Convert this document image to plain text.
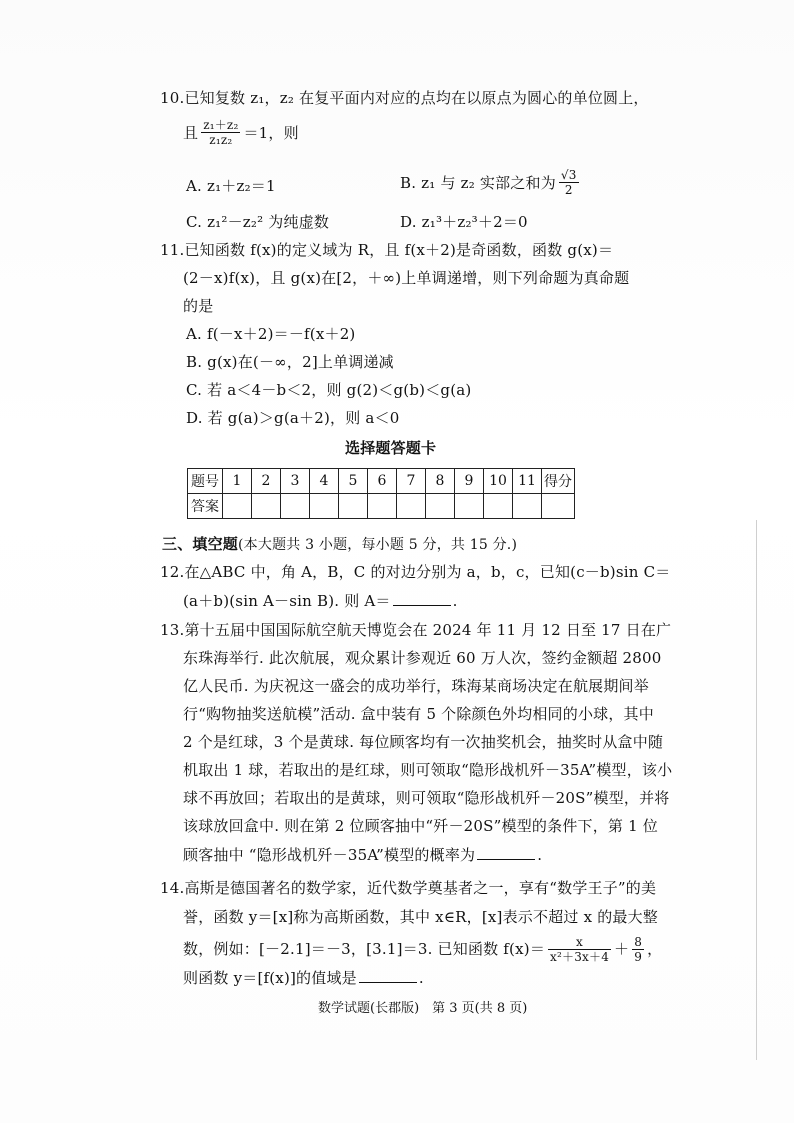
10.已知复数 z₁，z₂ 在复平面内对应的点均在以原点为圆心的单位圆上，
且 $\frac{\text{z₁＋z₂}}{\text{z₁z₂}} =1$，则
A. z₁＋z₂＝1	B. z₁ 与 z₂ 实部之和为 $\frac{√3}{2}$
C. z₁²－z₂² 为纯虚数	D. z₁³＋z₂³＋2＝0
11.已知函数 f(x)的定义域为 R，且 f(x＋2)是奇函数，函数 g(x)＝
(2－x)f(x)，且 g(x)在[2，＋∞)上单调递增，则下列命题为真命题
的是
A. f(－x＋2)＝－f(x＋2)
B. g(x)在(－∞，2]上单调递减
C. 若 a＜4－b＜2，则 g(2)＜g(b)＜g(a)
D. 若 g(a)＞g(a＋2)，则 a＜0
选择题答题卡
题号	1	2	3	4	5	6	7	8	9	10	11	得分
答案												
三、填空题(本大题共 3 小题，每小题 5 分，共 15 分.)
12.在△ABC 中，角 A，B，C 的对边分别为 a，b，c，已知(c－b)sin C＝
(a＋b)(sin A－sin B). 则 A＝	.
13.第十五届中国国际航空航天博览会在 2024 年 11 月 12 日至 17 日在广
东珠海举行. 此次航展，观众累计参观近 60 万人次，签约金额超 2800
亿人民币. 为庆祝这一盛会的成功举行，珠海某商场决定在航展期间举
行“购物抽奖送航模”活动. 盒中装有 5 个除颜色外均相同的小球，其中
2 个是红球，3 个是黄球. 每位顾客均有一次抽奖机会，抽奖时从盒中随
机取出 1 球，若取出的是红球，则可领取“隐形战机歼－35A”模型，该小
球不再放回；若取出的是黄球，则可领取“隐形战机歼－20S”模型，并将
该球放回盒中. 则在第 2 位顾客抽中“歼－20S”模型的条件下，第 1 位
顾客抽中 “隐形战机歼－35A”模型的概率为	.
14.高斯是德国著名的数学家，近代数学奠基者之一，享有“数学王子”的美
誉，函数 y＝[x]称为高斯函数，其中 x∈R，[x]表示不超过 x 的最大整
数，例如：[－2.1]＝－3，[3.1]＝3. 已知函数 $f(x)= \frac{x}{\text{x²＋3x＋4}} + \frac{8}{9}$ ，
则函数 y＝[f(x)]的值域是	.
数学试题(长郡版)　第 3 页(共 8 页)
